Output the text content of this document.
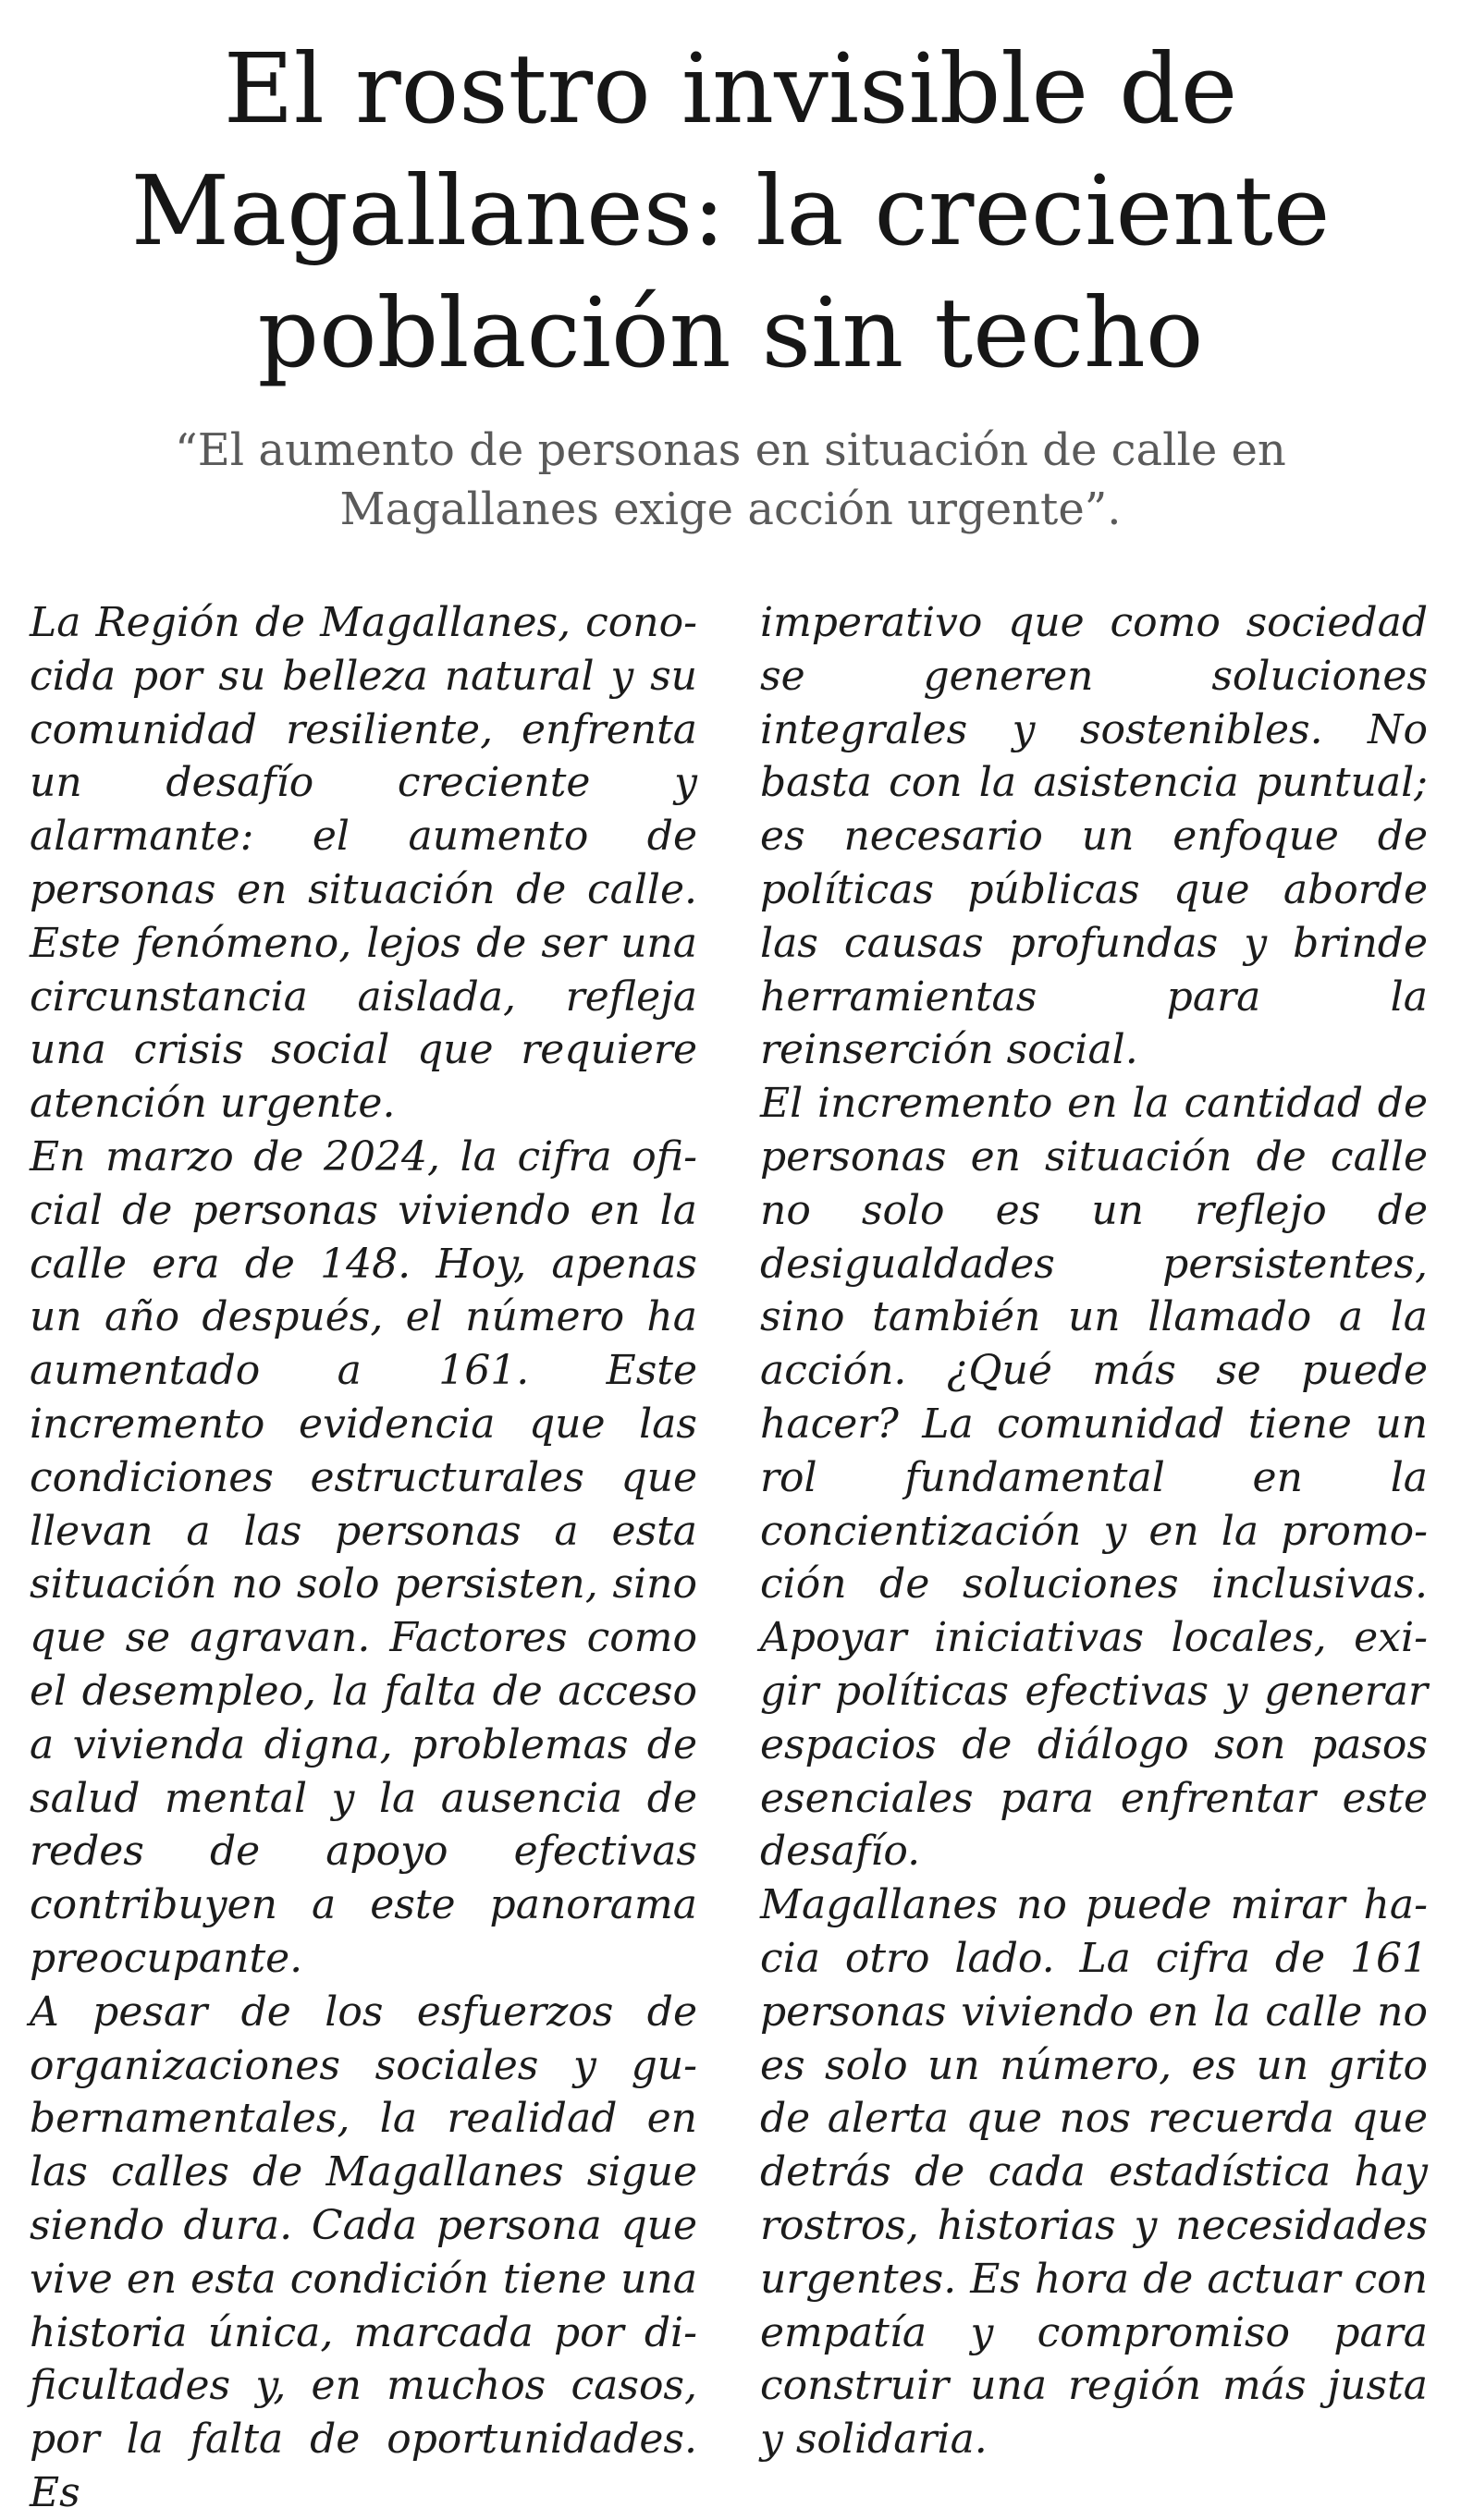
El rostro invisible de Magallanes: la creciente población sin techo

“El aumento de personas en situación de calle en Magallanes exige acción urgente”.

La Región de Magallanes, conocida por su belleza natural y su comunidad resiliente, enfrenta un desafío creciente y alarmante: el aumento de personas en situación de calle. Este fenómeno, lejos de ser una circunstancia aislada, refleja una crisis social que requiere atención urgente.

En marzo de 2024, la cifra oficial de personas viviendo en la calle era de 148. Hoy, apenas un año después, el número ha aumentado a 161. Este incremento evidencia que las condiciones estructurales que llevan a las personas a esta situación no solo persisten, sino que se agravan. Factores como el desempleo, la falta de acceso a vivienda digna, problemas de salud mental y la ausencia de redes de apoyo efectivas contribuyen a este panorama preocupante.

A pesar de los esfuerzos de organizaciones sociales y gubernamentales, la realidad en las calles de Magallanes sigue siendo dura. Cada persona que vive en esta condición tiene una historia única, marcada por dificultades y, en muchos casos, por la falta de oportunidades. Es

imperativo que como sociedad se generen soluciones integrales y sostenibles. No basta con la asistencia puntual; es necesario un enfoque de políticas públicas que aborde las causas profundas y brinde herramientas para la reinserción social.

El incremento en la cantidad de personas en situación de calle no solo es un reflejo de desigualdades persistentes, sino también un llamado a la acción. ¿Qué más se puede hacer? La comunidad tiene un rol fundamental en la concientización y en la promoción de soluciones inclusivas. Apoyar iniciativas locales, exigir políticas efectivas y generar espacios de diálogo son pasos esenciales para enfrentar este desafío.

Magallanes no puede mirar hacia otro lado. La cifra de 161 personas viviendo en la calle no es solo un número, es un grito de alerta que nos recuerda que detrás de cada estadística hay rostros, historias y necesidades urgentes. Es hora de actuar con empatía y compromiso para construir una región más justa y solidaria.
